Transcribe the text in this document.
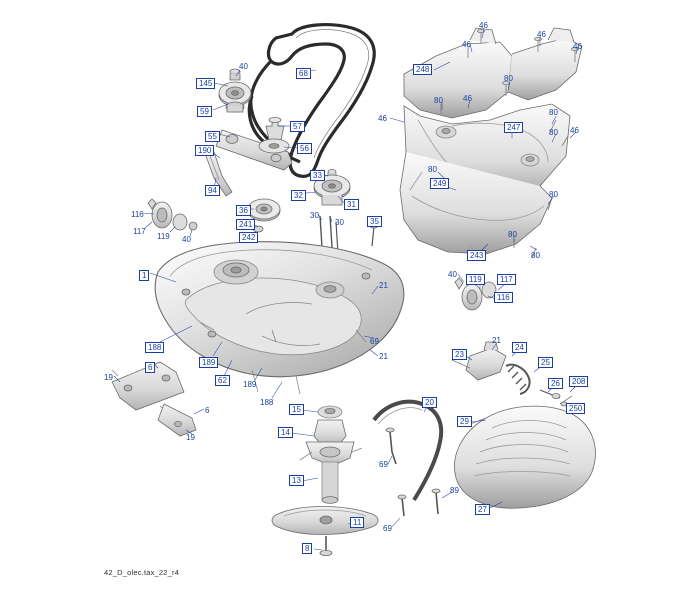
145
40
59
55
190
94
57
56
33
32
36
241
242
31
30
30	35
68
116
117
119 40
1
188
189
62	189
188
6
19
6
19
21
69
21
248
46
46
46
46
80
80	46
46
247
80
46
80
80
249
80
80
243	80
40
119	117
116
23
21
24
25
26	208
250
29
27
20
69
69
89
15
14
13
11
8
42_D_olec.tax_22_r4
